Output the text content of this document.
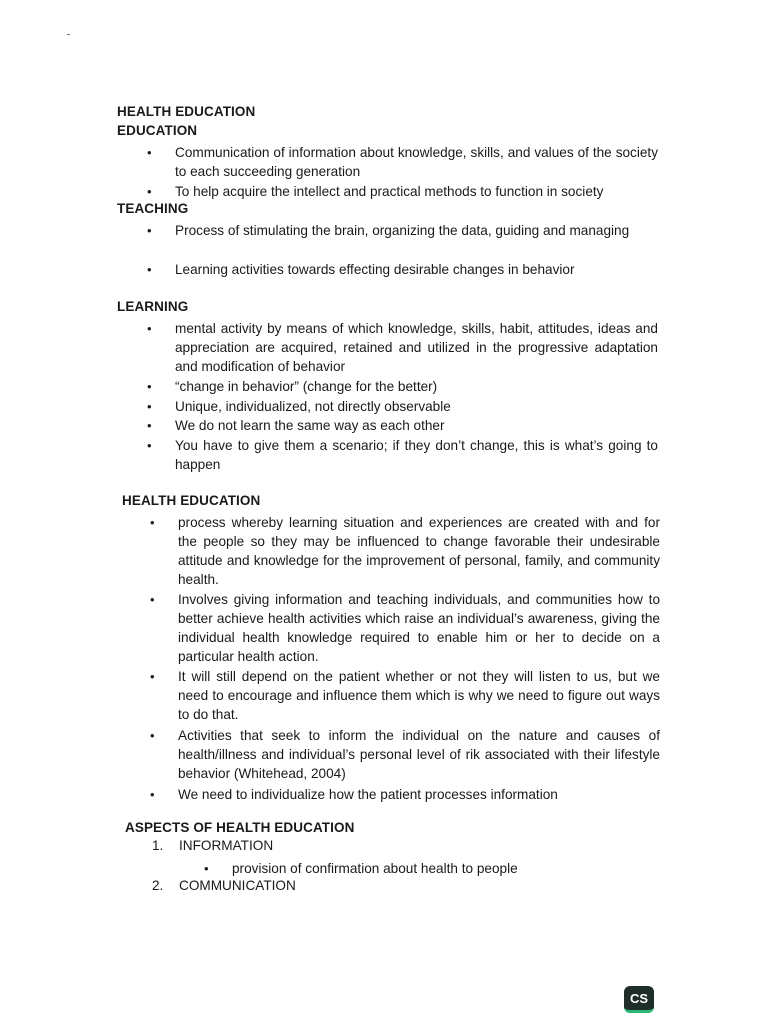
HEALTH EDUCATION
EDUCATION
• Communication of information about knowledge, skills, and values of the society to each succeeding generation
• To help acquire the intellect and practical methods to function in society
TEACHING
• Process of stimulating the brain, organizing the data, guiding and managing
• Learning activities towards effecting desirable changes in behavior
LEARNING
• mental activity by means of which knowledge, skills, habit, attitudes, ideas and appreciation are acquired, retained and utilized in the progressive adaptation and modification of behavior
• “change in behavior” (change for the better)
• Unique, individualized, not directly observable
• We do not learn the same way as each other
• You have to give them a scenario; if they don’t change, this is what’s going to happen
HEALTH EDUCATION
• process whereby learning situation and experiences are created with and for the people so they may be influenced to change favorable their undesirable attitude and knowledge for the improvement of personal, family, and community health.
• Involves giving information and teaching individuals, and communities how to better achieve health activities which raise an individual’s awareness, giving the individual health knowledge required to enable him or her to decide on a particular health action.
• It will still depend on the patient whether or not they will listen to us, but we need to encourage and influence them which is why we need to figure out ways to do that.
• Activities that seek to inform the individual on the nature and causes of health/illness and individual’s personal level of rik associated with their lifestyle behavior (Whitehead, 2004)
• We need to individualize how the patient processes information
ASPECTS OF HEALTH EDUCATION
1. INFORMATION
• provision of confirmation about health to people
2. COMMUNICATION
CS
